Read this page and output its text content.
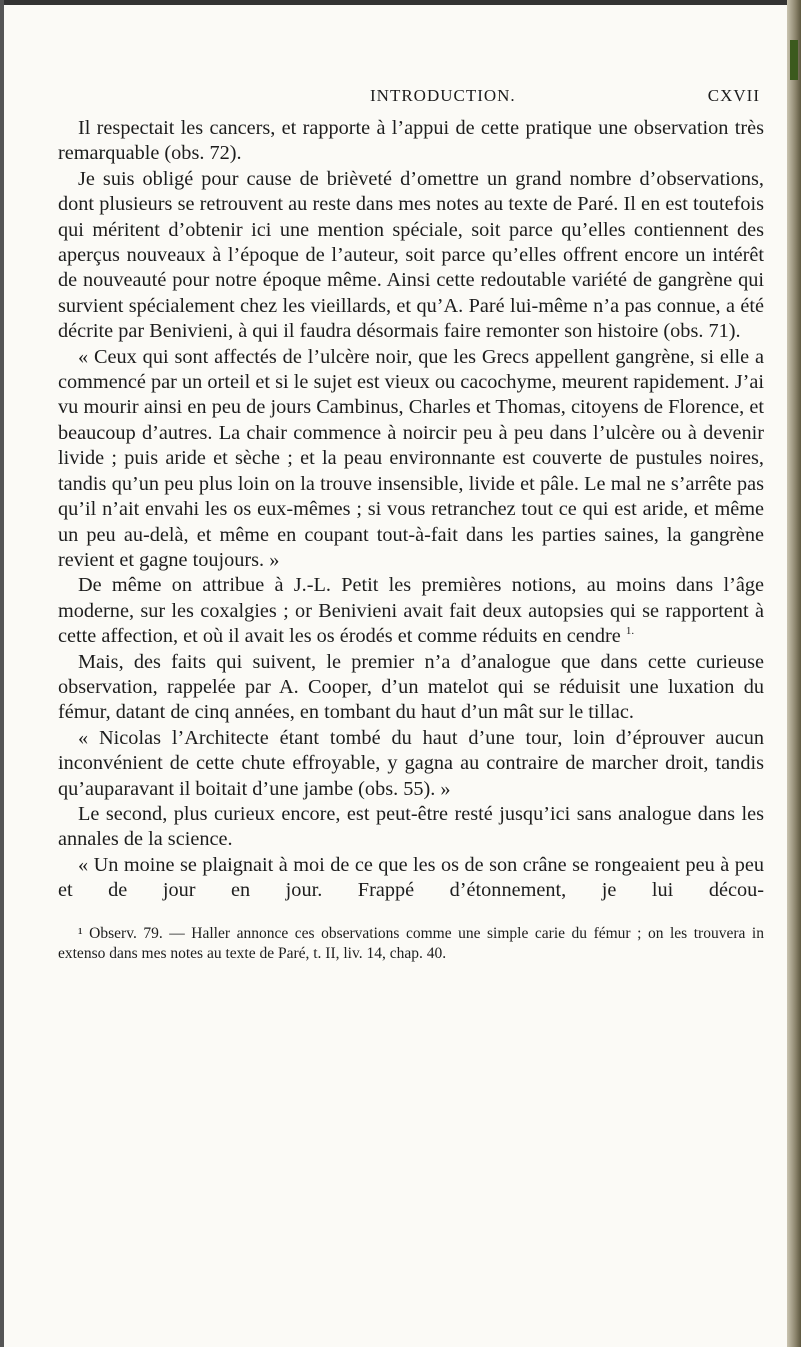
INTRODUCTION.	CXVII

Il respectait les cancers, et rapporte à l’appui de cette pratique une observation très remarquable (obs. 72).

Je suis obligé pour cause de brièveté d’omettre un grand nombre d’observations, dont plusieurs se retrouvent au reste dans mes notes au texte de Paré. Il en est toutefois qui méritent d’obtenir ici une mention spéciale, soit parce qu’elles contiennent des aperçus nouveaux à l’époque de l’auteur, soit parce qu’elles offrent encore un intérêt de nouveauté pour notre époque même. Ainsi cette redoutable variété de gangrène qui survient spécialement chez les vieillards, et qu’A. Paré lui-même n’a pas connue, a été décrite par Benivieni, à qui il faudra désormais faire remonter son histoire (obs. 71).

« Ceux qui sont affectés de l’ulcère noir, que les Grecs appellent gangrène, si elle a commencé par un orteil et si le sujet est vieux ou cacochyme, meurent rapidement. J’ai vu mourir ainsi en peu de jours Cambinus, Charles et Thomas, citoyens de Florence, et beaucoup d’autres. La chair commence à noircir peu à peu dans l’ulcère ou à devenir livide ; puis aride et sèche ; et la peau environnante est couverte de pustules noires, tandis qu’un peu plus loin on la trouve insensible, livide et pâle. Le mal ne s’arrête pas qu’il n’ait envahi les os eux-mêmes ; si vous retranchez tout ce qui est aride, et même un peu au-delà, et même en coupant tout-à-fait dans les parties saines, la gangrène revient et gagne toujours. »

De même on attribue à J.-L. Petit les premières notions, au moins dans l’âge moderne, sur les coxalgies ; or Benivieni avait fait deux autopsies qui se rapportent à cette affection, et où il avait les os érodés et comme réduits en cendre $^{1.}$

Mais, des faits qui suivent, le premier n’a d’analogue que dans cette curieuse observation, rappelée par A. Cooper, d’un matelot qui se réduisit une luxation du fémur, datant de cinq années, en tombant du haut d’un mât sur le tillac.

« Nicolas l’Architecte étant tombé du haut d’une tour, loin d’éprouver aucun inconvénient de cette chute effroyable, y gagna au contraire de marcher droit, tandis qu’auparavant il boitait d’une jambe (obs. 55). »

Le second, plus curieux encore, est peut-être resté jusqu’ici sans analogue dans les annales de la science.

« Un moine se plaignait à moi de ce que les os de son crâne se rongeaient peu à peu et de jour en jour. Frappé d’étonnement, je lui décou-

¹ Observ. 79. — Haller annonce ces observations comme une simple carie du fémur ; on les trouvera in extenso dans mes notes au texte de Paré, t. II, liv. 14, chap. 40.
